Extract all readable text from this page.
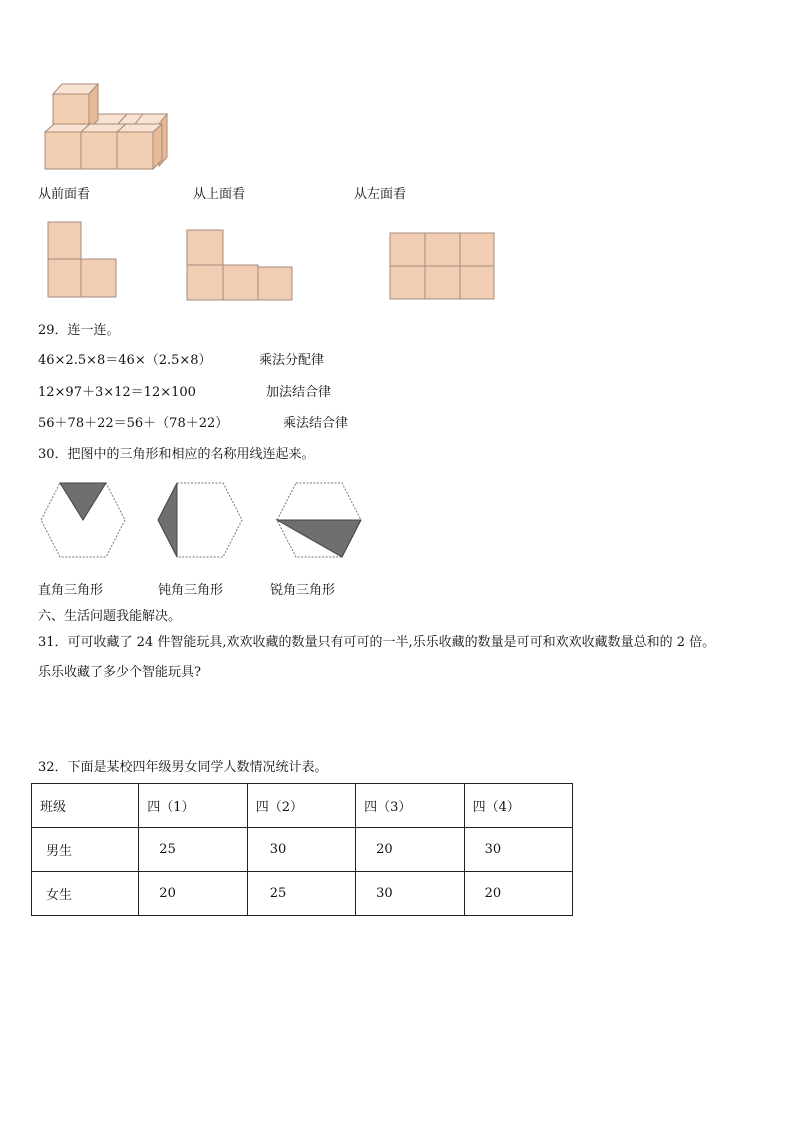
从前面看	从上面看	从左面看
29．连一连。
46×2.5×8＝46×（2.5×8）
12×97＋3×12＝12×100
56＋78＋22＝56＋（78＋22）
乘法分配律
加法结合律
乘法结合律
30．把图中的三角形和相应的名称用线连起来。
直角三角形	钝角三角形	锐角三角形
六、生活问题我能解决。
31．可可收藏了 24 件智能玩具,欢欢收藏的数量只有可可的一半,乐乐收藏的数量是可可和欢欢收藏数量总和的 2 倍。
乐乐收藏了多少个智能玩具?
32．下面是某校四年级男女同学人数情况统计表。
班级	四（1）	四（2）	四（3）	四（4）
男生	25	30	20	30
女生	20	25	30	20
